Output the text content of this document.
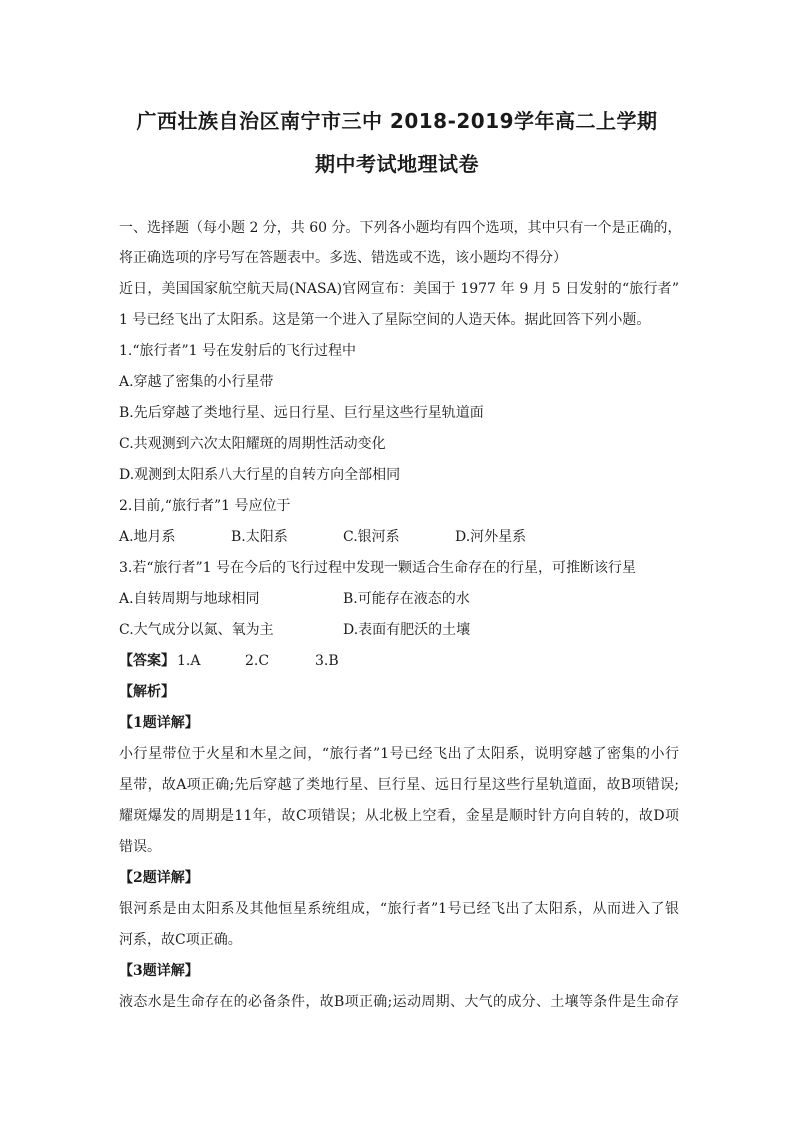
广西壮族自治区南宁市三中 2018-2019学年高二上学期
期中考试地理试卷
一、选择题（每小题 2 分，共 60 分。下列各小题均有四个选项，其中只有一个是正确的，
将正确选项的序号写在答题表中。多选、错选或不选，该小题均不得分）
近日，美国国家航空航天局(NASA)官网宣布：美国于 1977 年 9 月 5 日发射的“旅行者”
1 号已经飞出了太阳系。这是第一个进入了星际空间的人造天体。据此回答下列小题。
1.“旅行者”1 号在发射后的飞行过程中
A.穿越了密集的小行星带
B.先后穿越了类地行星、远日行星、巨行星这些行星轨道面
C.共观测到六次太阳耀斑的周期性活动变化
D.观测到太阳系八大行星的自转方向全部相同
2.目前,“旅行者”1 号应位于
A.地月系	B.太阳系	C.银河系	D.河外星系
3.若“旅行者”1 号在今后的飞行过程中发现一颗适合生命存在的行星，可推断该行星
A.自转周期与地球相同	B.可能存在液态的水
C.大气成分以氮、氧为主	D.表面有肥沃的土壤
【答案】 1.A	2.C	3.B
【解析】
【1题详解】
小行星带位于火星和木星之间，“旅行者”1号已经飞出了太阳系，说明穿越了密集的小行
星带，故A项正确;先后穿越了类地行星、巨行星、远日行星这些行星轨道面，故B项错误;
耀斑爆发的周期是11年，故C项错误；从北极上空看，金星是顺时针方向自转的，故D项
错误。
【2题详解】
银河系是由太阳系及其他恒星系统组成，“旅行者”1号已经飞出了太阳系，从而进入了银
河系，故C项正确。
【3题详解】
液态水是生命存在的必备条件，故B项正确;运动周期、大气的成分、土壤等条件是生命存
